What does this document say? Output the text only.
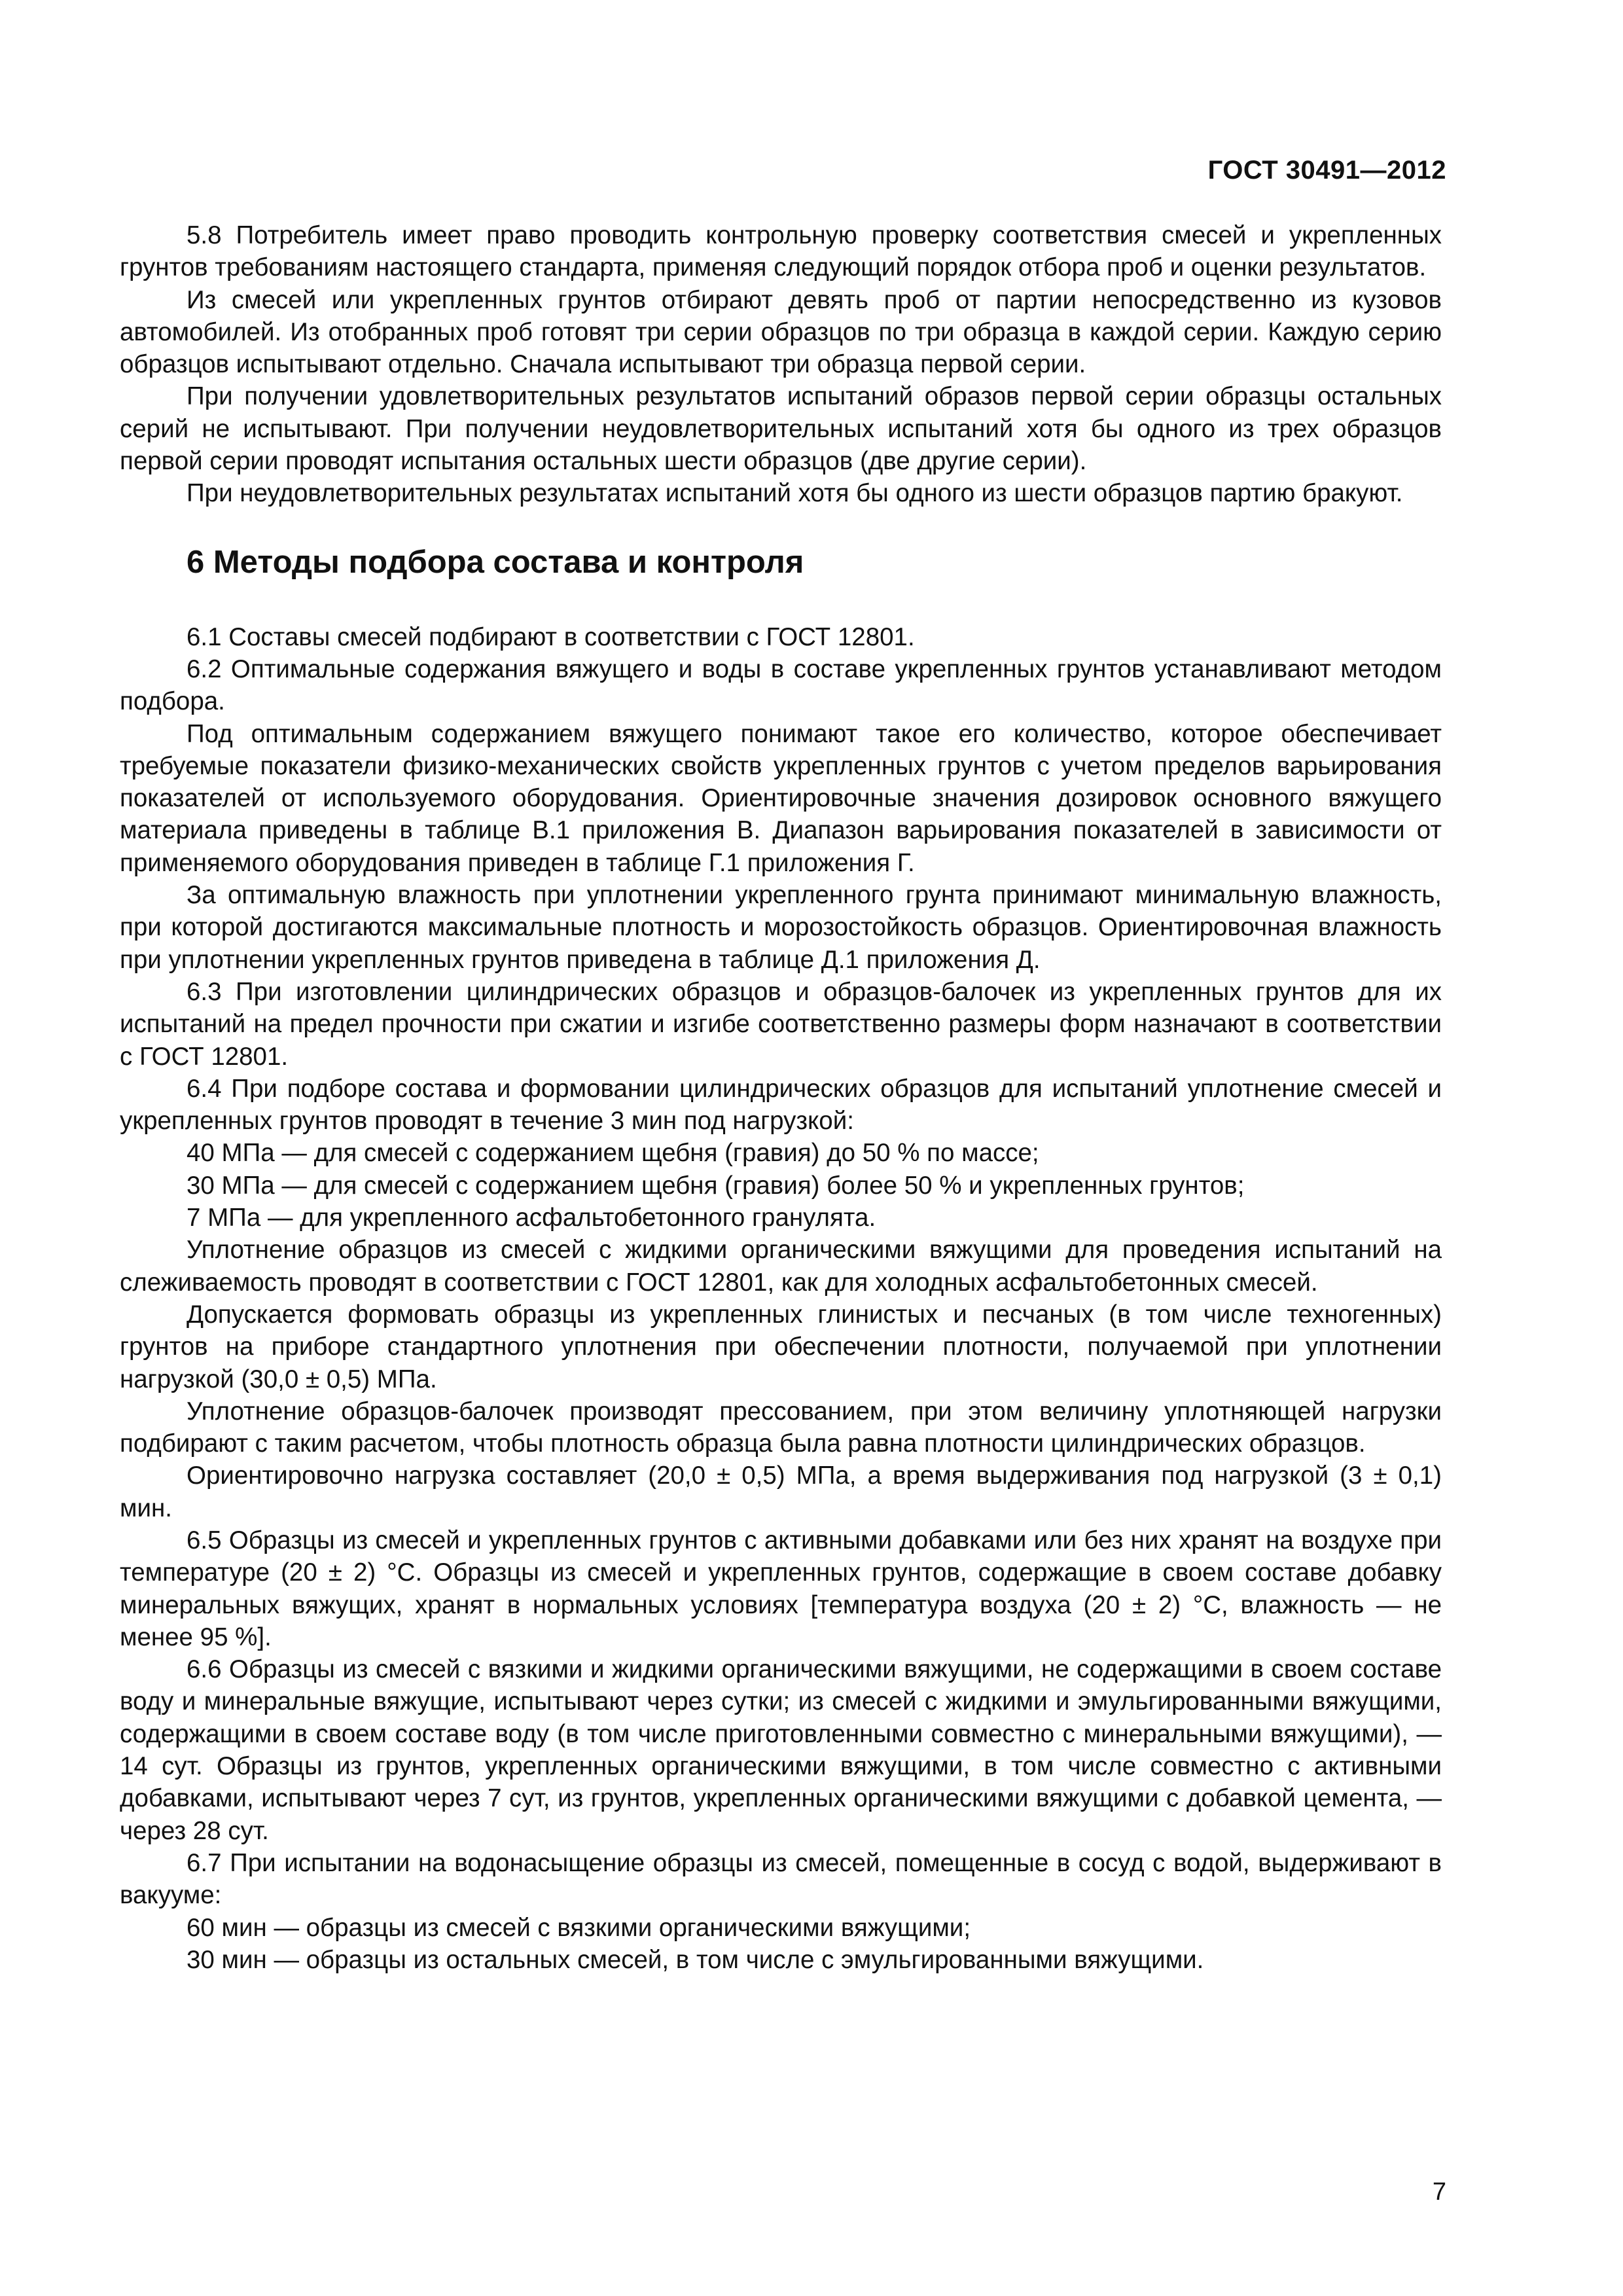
ГОСТ 30491—2012

5.8 Потребитель имеет право проводить контрольную проверку соответствия смесей и укрепленных грунтов требованиям настоящего стандарта, применяя следующий порядок отбора проб и оценки результатов.

Из смесей или укрепленных грунтов отбирают девять проб от партии непосредственно из кузовов автомобилей. Из отобранных проб готовят три серии образцов по три образца в каждой серии. Каждую серию образцов испытывают отдельно. Сначала испытывают три образца первой серии.

При получении удовлетворительных результатов испытаний образов первой серии образцы остальных серий не испытывают. При получении неудовлетворительных испытаний хотя бы одного из трех образцов первой серии проводят испытания остальных шести образцов (две другие серии).

При неудовлетворительных результатах испытаний хотя бы одного из шести образцов партию бракуют.

6 Методы подбора состава и контроля

6.1 Составы смесей подбирают в соответствии с ГОСТ 12801.

6.2 Оптимальные содержания вяжущего и воды в составе укрепленных грунтов устанавливают методом подбора.

Под оптимальным содержанием вяжущего понимают такое его количество, которое обеспечивает требуемые показатели физико-механических свойств укрепленных грунтов с учетом пределов варьирования показателей от используемого оборудования. Ориентировочные значения дозировок основного вяжущего материала приведены в таблице В.1 приложения В. Диапазон варьирования показателей в зависимости от применяемого оборудования приведен в таблице Г.1 приложения Г.

За оптимальную влажность при уплотнении укрепленного грунта принимают минимальную влажность, при которой достигаются максимальные плотность и морозостойкость образцов. Ориентировочная влажность при уплотнении укрепленных грунтов приведена в таблице Д.1 приложения Д.

6.3 При изготовлении цилиндрических образцов и образцов-балочек из укрепленных грунтов для их испытаний на предел прочности при сжатии и изгибе соответственно размеры форм назначают в соответствии с ГОСТ 12801.

6.4 При подборе состава и формовании цилиндрических образцов для испытаний уплотнение смесей и укрепленных грунтов проводят в течение 3 мин под нагрузкой:

40 МПа — для смесей с содержанием щебня (гравия) до 50 % по массе;

30 МПа — для смесей с содержанием щебня (гравия) более 50 % и укрепленных грунтов;

7 МПа — для укрепленного асфальтобетонного гранулята.

Уплотнение образцов из смесей с жидкими органическими вяжущими для проведения испытаний на слеживаемость проводят в соответствии с ГОСТ 12801, как для холодных асфальтобетонных смесей.

Допускается формовать образцы из укрепленных глинистых и песчаных (в том числе техногенных) грунтов на приборе стандартного уплотнения при обеспечении плотности, получаемой при уплотнении нагрузкой (30,0 ± 0,5) МПа.

Уплотнение образцов-балочек производят прессованием, при этом величину уплотняющей нагрузки подбирают с таким расчетом, чтобы плотность образца была равна плотности цилиндрических образцов.

Ориентировочно нагрузка составляет (20,0 ± 0,5) МПа, а время выдерживания под нагрузкой (3 ± 0,1) мин.

6.5 Образцы из смесей и укрепленных грунтов с активными добавками или без них хранят на воздухе при температуре (20 ± 2) °С. Образцы из смесей и укрепленных грунтов, содержащие в своем составе добавку минеральных вяжущих, хранят в нормальных условиях [температура воздуха (20 ± 2) °С, влажность — не менее 95 %].

6.6 Образцы из смесей с вязкими и жидкими органическими вяжущими, не содержащими в своем составе воду и минеральные вяжущие, испытывают через сутки; из смесей с жидкими и эмульгированными вяжущими, содержащими в своем составе воду (в том числе приготовленными совместно с минеральными вяжущими), — 14 сут. Образцы из грунтов, укрепленных органическими вяжущими, в том числе совместно с активными добавками, испытывают через 7 сут, из грунтов, укрепленных органическими вяжущими с добавкой цемента, — через 28 сут.

6.7 При испытании на водонасыщение образцы из смесей, помещенные в сосуд с водой, выдерживают в вакууме:

60 мин — образцы из смесей с вязкими органическими вяжущими;

30 мин — образцы из остальных смесей, в том числе с эмульгированными вяжущими.

7
